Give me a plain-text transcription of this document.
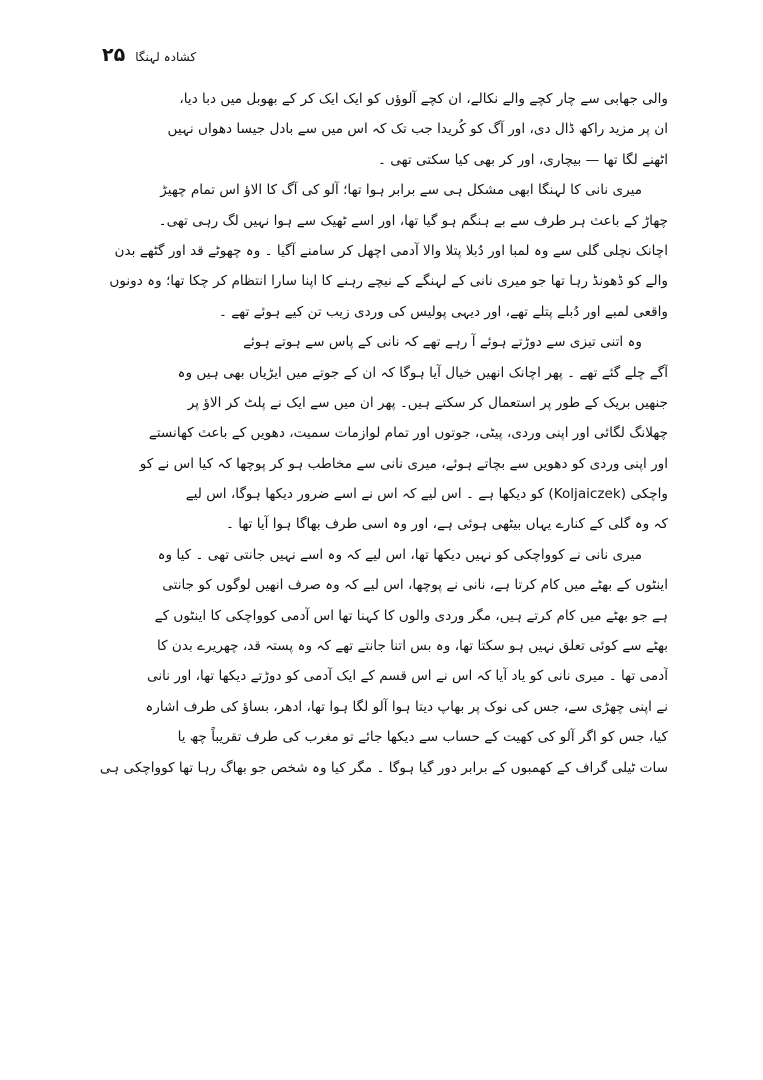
۲۵ کشادہ لہنگا
والی جھابی سے چار کچے والے نکالے، ان کچے آلوؤں کو ایک ایک کر کے بھوبل میں دبا دیا،
ان پر مزید راکھ ڈال دی، اور آگ کو کُریدا جب تک کہ اس میں سے بادل جیسا دھواں نہیں
اٹھنے لگا تھا — بیچاری، اور کر بھی کیا سکتی تھی ۔
میری نانی کا لہنگا ابھی مشکل ہی سے برابر ہوا تھا؛ آلو کی آگ کا الاؤ اس تمام چھیڑ
چھاڑ کے باعث ہر طرف سے بے ہنگم ہو گیا تھا، اور اسے ٹھیک سے ہوا نہیں لگ رہی تھی۔
اچانک نچلی گلی سے وہ لمبا اور دُبلا پتلا والا آدمی اچھل کر سامنے آگیا ۔ وہ چھوٹے قد اور گٹھے بدن
والے کو ڈھونڈ رہا تھا جو میری نانی کے لہنگے کے نیچے رہنے کا اپنا سارا انتظام کر چکا تھا؛ وہ دونوں
واقعی لمبے اور دُبلے پتلے تھے، اور دیہی پولیس کی وردی زیب تن کیے ہوئے تھے ۔
وہ اتنی تیزی سے دوڑتے ہوئے آ رہے تھے کہ نانی کے پاس سے ہوتے ہوئے
آگے چلے گئے تھے ۔ پھر اچانک انھیں خیال آیا ہوگا کہ ان کے جوتے میں ایڑیاں بھی ہیں وہ
جنھیں بریک کے طور پر استعمال کر سکتے ہیں۔ پھر ان میں سے ایک نے پلٹ کر الاؤ پر
چھلانگ لگائی اور اپنی وردی، پیٹی، جوتوں اور تمام لوازمات سمیت، دھویں کے باعث کھانستے
اور اپنی وردی کو دھویں سے بچاتے ہوئے، میری نانی سے مخاطب ہو کر پوچھا کہ کیا اس نے کو
واچکی (Koljaiczek) کو دیکھا ہے ۔ اس لیے کہ اس نے اسے ضرور دیکھا ہوگا، اس لیے
کہ وہ گلی کے کنارے یہاں بیٹھی ہوئی ہے، اور وہ اسی طرف بھاگا ہوا آیا تھا ۔
میری نانی نے کوواچکی کو نہیں دیکھا تھا، اس لیے کہ وہ اسے نہیں جانتی تھی ۔ کیا وہ
اینٹوں کے بھٹے میں کام کرتا ہے، نانی نے پوچھا، اس لیے کہ وہ صرف انھیں لوگوں کو جانتی
ہے جو بھٹے میں کام کرتے ہیں، مگر وردی والوں کا کہنا تھا اس آدمی کوواچکی کا اینٹوں کے
بھٹے سے کوئی تعلق نہیں ہو سکتا تھا، وہ بس اتنا جانتے تھے کہ وہ پستہ قد، چھریرے بدن کا
آدمی تھا ۔ میری نانی کو یاد آیا کہ اس نے اس قسم کے ایک آدمی کو دوڑتے دیکھا تھا، اور نانی
نے اپنی چھڑی سے، جس کی نوک پر بھاپ دیتا ہوا آلو لگا ہوا تھا، ادھر، بساؤ کی طرف اشارہ
کیا، جس کو اگر آلو کی کھیت کے حساب سے دیکھا جائے تو مغرب کی طرف تقریباً چھ یا
سات ٹیلی گراف کے کھمبوں کے برابر دور گیا ہوگا ۔ مگر کیا وہ شخص جو بھاگ رہا تھا کوواچکی ہی
